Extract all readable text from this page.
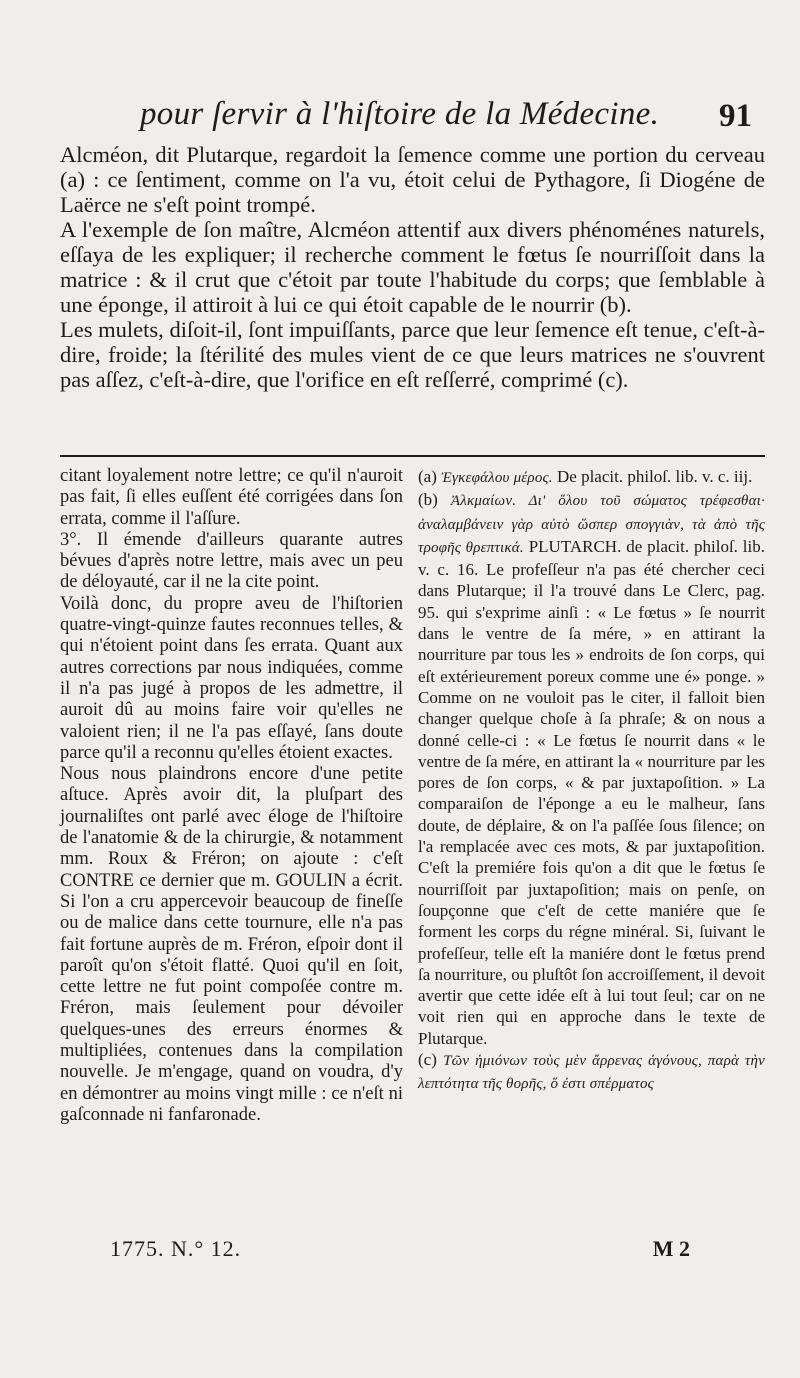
pour ſervir à l'hiſtoire de la Médecine. 91

Alcméon, dit Plutarque, regardoit la ſemence comme une portion du cerveau (a) : ce ſentiment, comme on l'a vu, étoit celui de Pythagore, ſi Diogéne de Laërce ne s'eſt point trompé.

A l'exemple de ſon maître, Alcméon attentif aux divers phénoménes naturels, eſſaya de les expliquer; il recherche comment le fœtus ſe nourriſſoit dans la matrice : & il crut que c'étoit par toute l'habitude du corps; que ſemblable à une éponge, il attiroit à lui ce qui étoit capable de le nourrir (b).

Les mulets, diſoit-il, ſont impuiſſants, parce que leur ſemence eſt tenue, c'eſt-à-dire, froide; la ſtérilité des mules vient de ce que leurs matrices ne s'ouvrent pas aſſez, c'eſt-à-dire, que l'orifice en eſt reſſerré, comprimé (c).

citant loyalement notre lettre; ce qu'il n'auroit pas fait, ſi elles euſſent été corrigées dans ſon errata, comme il l'aſſure.

3°. Il émende d'ailleurs quarante autres bévues d'après notre lettre, mais avec un peu de déloyauté, car il ne la cite point.

Voilà donc, du propre aveu de l'hiſtorien quatre-vingt-quinze fautes reconnues telles, & qui n'étoient point dans ſes errata. Quant aux autres corrections par nous indiquées, comme il n'a pas jugé à propos de les admettre, il auroit dû au moins faire voir qu'elles ne valoient rien; il ne l'a pas eſſayé, ſans doute parce qu'il a reconnu qu'elles étoient exactes.

Nous nous plaindrons encore d'une petite aſtuce. Après avoir dit, la pluſpart des journaliſtes ont parlé avec éloge de l'hiſtoire de l'anatomie & de la chirurgie, & notamment mm. Roux & Fréron; on ajoute : c'eſt CONTRE ce dernier que m. GOULIN a écrit. Si l'on a cru appercevoir beaucoup de fineſſe ou de malice dans cette tournure, elle n'a pas fait fortune auprès de m. Fréron, eſpoir dont il paroît qu'on s'étoit flatté. Quoi qu'il en ſoit, cette lettre ne fut point compoſée contre m. Fréron, mais ſeulement pour dévoiler quelques-unes des erreurs énormes & multipliées, contenues dans la compilation nouvelle. Je m'engage, quand on voudra, d'y en démontrer au moins vingt mille : ce n'eſt ni gaſconnade ni fanfaronade.

(a) Ἐγκεφάλου μέρος. De placit. philoſ. lib. v. c. iij.

(b) Ἀλκμαίων. Δι' ὅλου τοῦ σώματος τρέφεσθαι· ἀναλαμβάνειν γὰρ αὐτὸ ὥσπερ σπογγιὰν, τὰ ἀπὸ τῆς τροφῆς θρεπτικά. PLUTARCH. de placit. philoſ. lib. v. c. 16. Le profeſſeur n'a pas été chercher ceci dans Plutarque; il l'a trouvé dans Le Clerc, pag. 95. qui s'exprime ainſi : « Le fœtus » ſe nourrit dans le ventre de ſa mére, » en attirant la nourriture par tous les » endroits de ſon corps, qui eſt extérieurement poreux comme une é» ponge. » Comme on ne vouloit pas le citer, il falloit bien changer quelque choſe à ſa phraſe; & on nous a donné celle-ci : « Le fœtus ſe nourrit dans « le ventre de ſa mére, en attirant la « nourriture par les pores de ſon corps, « & par juxtapoſition. » La comparaiſon de l'éponge a eu le malheur, ſans doute, de déplaire, & on l'a paſſée ſous ſilence; on l'a remplacée avec ces mots, & par juxtapoſition. C'eſt la premiére fois qu'on a dit que le fœtus ſe nourriſſoit par juxtapoſition; mais on penſe, on ſoupçonne que c'eſt de cette maniére que ſe forment les corps du régne minéral. Si, ſuivant le profeſſeur, telle eſt la maniére dont le fœtus prend ſa nourriture, ou pluſtôt ſon accroiſſement, il devoit avertir que cette idée eſt à lui tout ſeul; car on ne voit rien qui en approche dans le texte de Plutarque.

(c) Τῶν ἡμιόνων τοὺς μὲν ἄρρενας ἀγόνους, παρὰ τὴν λεπτότητα τῆς θορῆς, ὅ ἐστι σπέρματος

1775. N.° 12.	M 2
